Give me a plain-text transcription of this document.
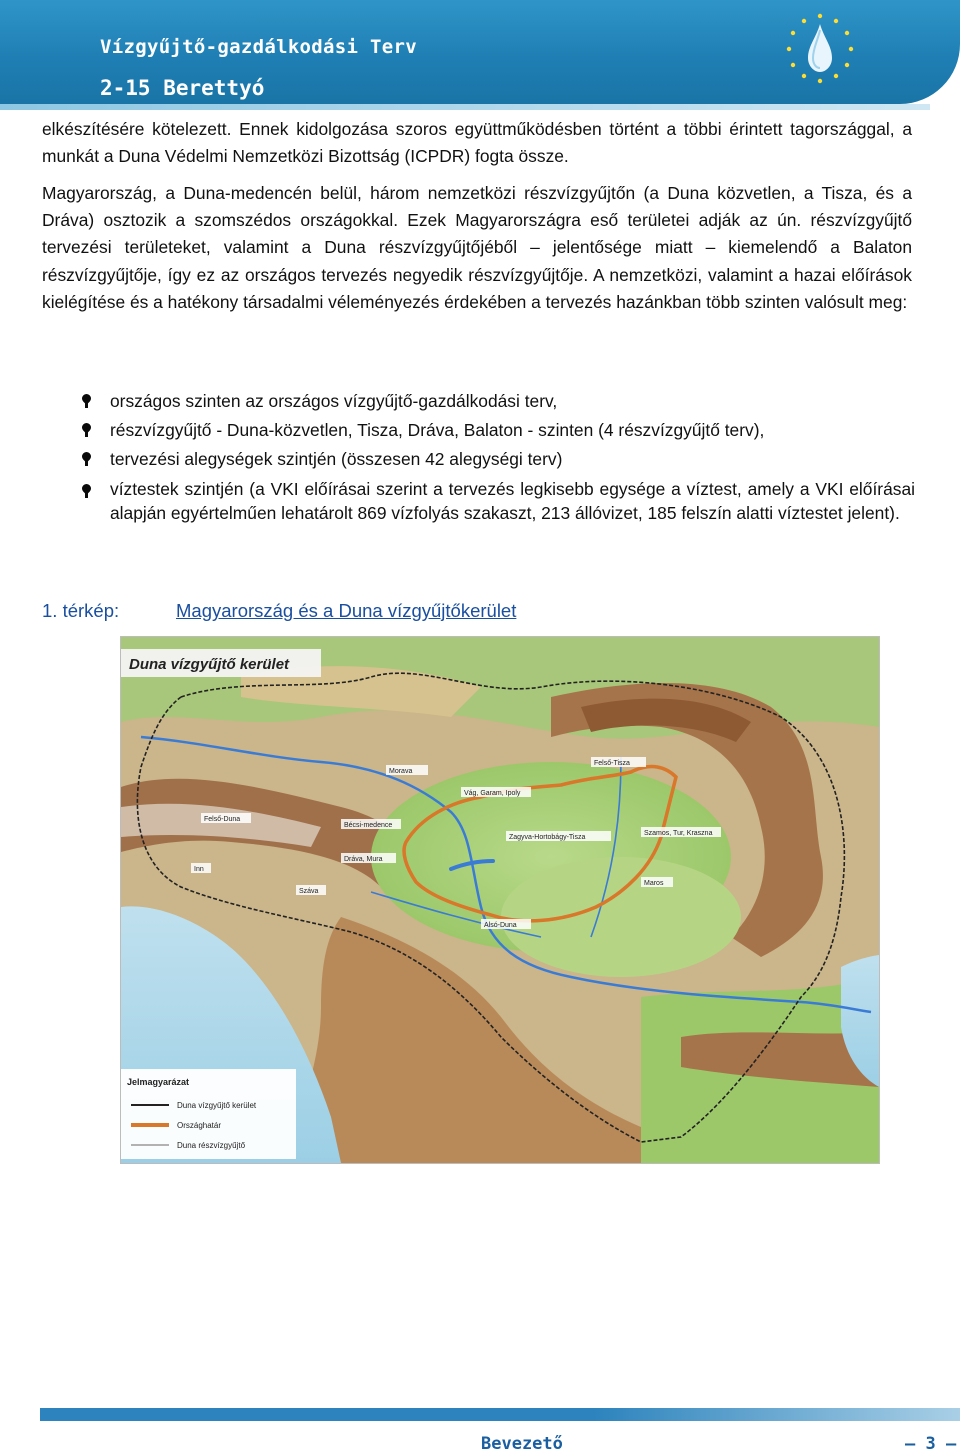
Vízgyűjtő-gazdálkodási Terv
2-15 Berettyó
elkészítésére kötelezett. Ennek kidolgozása szoros együttműködésben történt a többi érintett tagországgal, a munkát a Duna Védelmi Nemzetközi Bizottság (ICPDR) fogta össze.
Magyarország, a Duna-medencén belül, három nemzetközi részvízgyűjtőn (a Duna közvetlen, a Tisza, és a Dráva) osztozik a szomszédos országokkal. Ezek Magyarországra eső területei adják az ún. részvízgyűjtő tervezési területeket, valamint a Duna részvízgyűjtőjéből – jelentősége miatt – kiemelendő a Balaton részvízgyűjtője, így ez az országos tervezés negyedik részvízgyűjtője. A nemzetközi, valamint a hazai előírások kielégítése és a hatékony társadalmi véleményezés érdekében a tervezés hazánkban több szinten valósult meg:
országos szinten az országos vízgyűjtő-gazdálkodási terv,
részvízgyűjtő - Duna-közvetlen, Tisza, Dráva, Balaton - szinten (4 részvízgyűjtő terv),
tervezési alegységek szintjén (összesen 42 alegységi terv)
víztestek szintjén (a VKI előírásai szerint a tervezés legkisebb egysége a víztest, amely a VKI előírásai alapján egyértelműen lehatárolt 869 vízfolyás szakaszt, 213 állóvizet, 185 felszín alatti víztestet jelent).
1. térkép:	Magyarország és a Duna vízgyűjtőkerület
Duna vízgyűjtő kerület
Morava
Felső-Duna
Inn
Bécsi-medence
Dráva, Mura
Vág, Garam, Ipoly
Felső-Tisza
Szamos, Tur, Kraszna
Zagyva-Hortobágy-Tisza
Maros
Száva
Alsó-Duna
Jelmagyarázat
Duna vízgyűjtő kerület
Országhatár
Duna részvízgyűjtő
Bevezető	– 3 –
